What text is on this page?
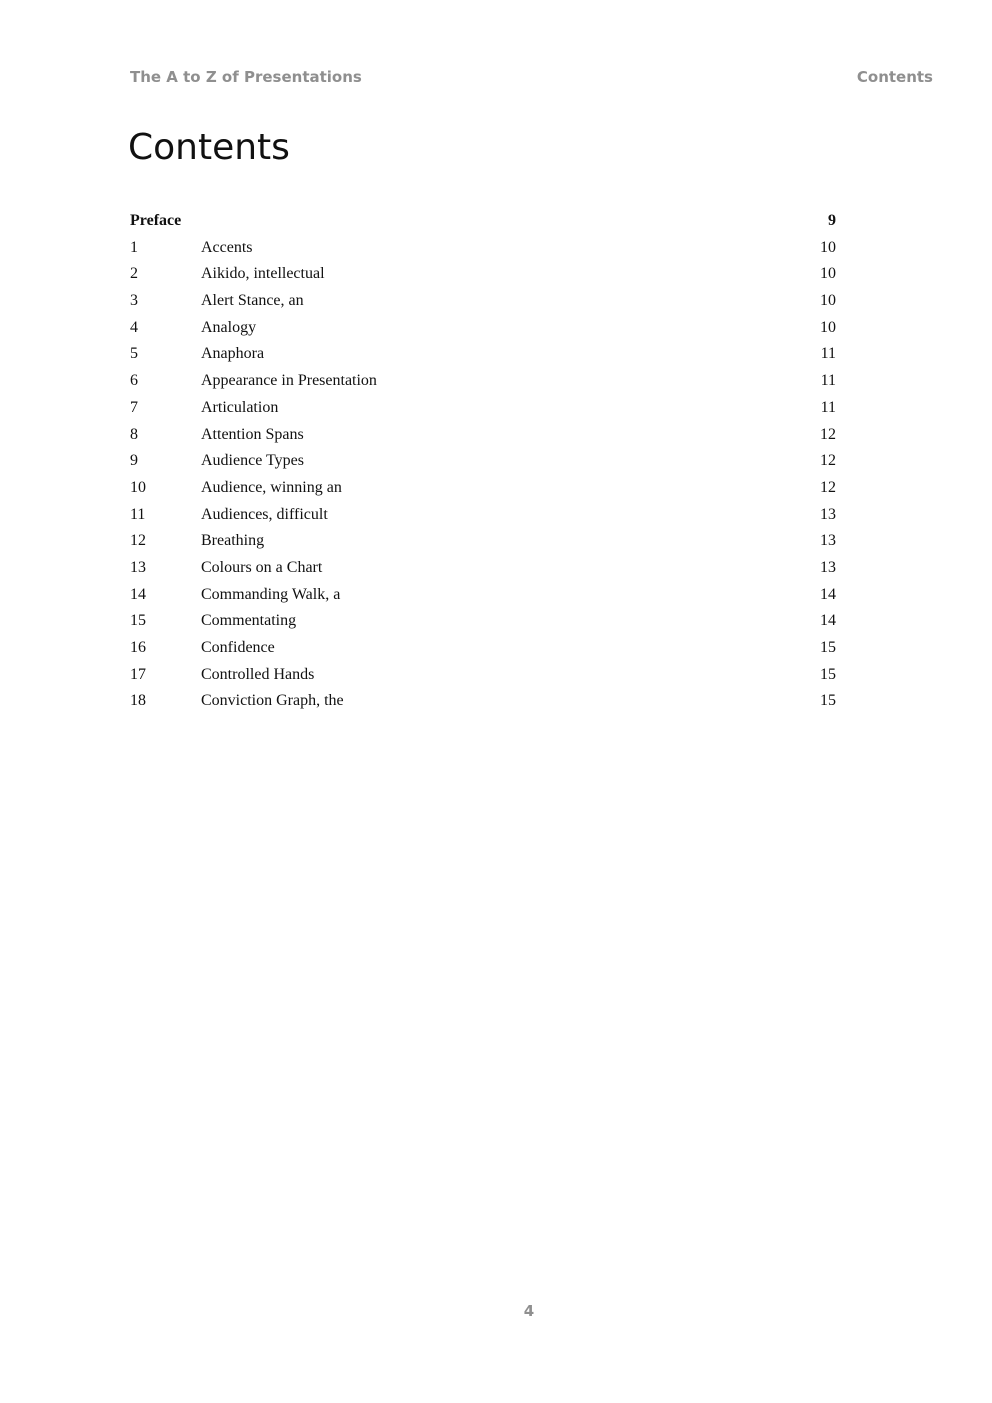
The A to Z of Presentations	Contents
Contents
Preface	9
1	Accents	10
2	Aikido, intellectual	10
3	Alert Stance, an	10
4	Analogy	10
5	Anaphora	11
6	Appearance in Presentation	11
7	Articulation	11
8	Attention Spans	12
9	Audience Types	12
10	Audience, winning an	12
11	Audiences, difficult	13
12	Breathing	13
13	Colours on a Chart	13
14	Commanding Walk, a	14
15	Commentating	14
16	Confidence	15
17	Controlled Hands	15
18	Conviction Graph, the	15
4
